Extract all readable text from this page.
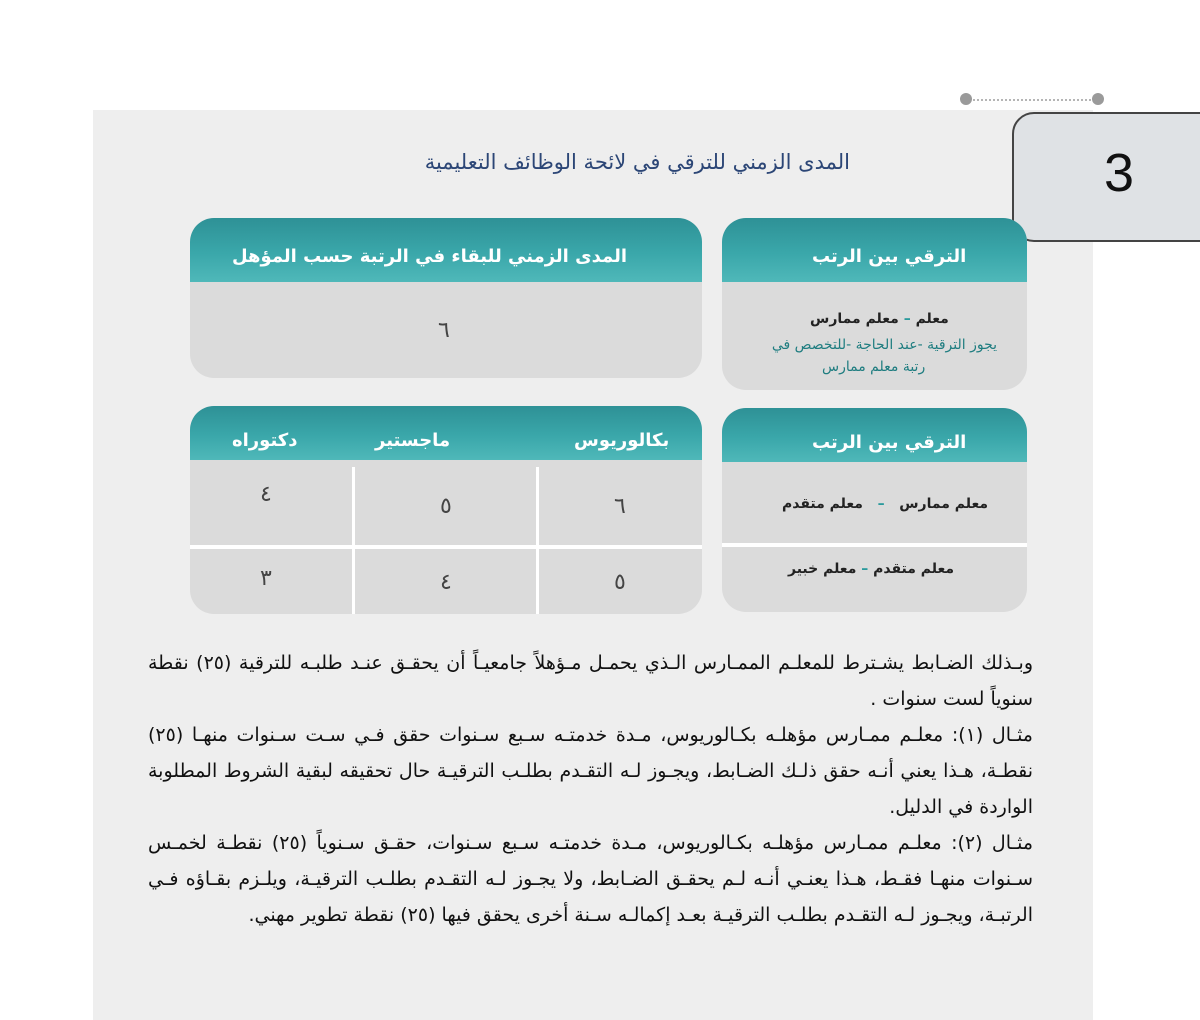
3
المدى الزمني للترقي في لائحة الوظائف التعليمية
المدى الزمني للبقاء في الرتبة حسب المؤهل
٦
الترقي بين الرتب
معلم – معلم ممارس
يجوز الترقية -عند الحاجة -للتخصص في
رتبة معلم ممارس
بكالوريوس
ماجستير
دكتوراه
٦
٥
٤
٥
٤
٣
الترقي بين الرتب
معلم ممارس   –   معلم متقدم
معلم متقدم – معلم خبير

وبـذلك الضـابط يشـترط للمعلـم الممـارس الـذي يحمـل مـؤهلاً جامعيـاً أن يحقـق عنـد طلبـه للترقية (٢٥) نقطة سنوياً لست سنوات .

مثـال (١): معلـم ممـارس مؤهلـه بكـالوريوس، مـدة خدمتـه سـبع سـنوات حقق فـي سـت سـنوات منهـا (٢٥) نقطـة، هـذا يعني أنـه حقق ذلـك الضـابط، ويجـوز لـه التقـدم بطلـب الترقيـة حال تحقيقه لبقية الشروط المطلوبة الواردة في الدليل.

مثـال (٢): معلـم ممـارس مؤهلـه بكـالوريوس، مـدة خدمتـه سـبع سـنوات، حقـق سـنوياً (٢٥) نقطـة لخمـس سـنوات منهـا فقـط، هـذا يعنـي أنـه لـم يحقـق الضـابط، ولا يجـوز لـه التقـدم بطلـب الترقيـة، ويلـزم بقـاؤه فـي الرتبـة، ويجـوز لـه التقـدم بطلـب الترقيـة بعـد إكمالـه سـنة أخرى يحقق فيها (٢٥) نقطة تطوير مهني.
